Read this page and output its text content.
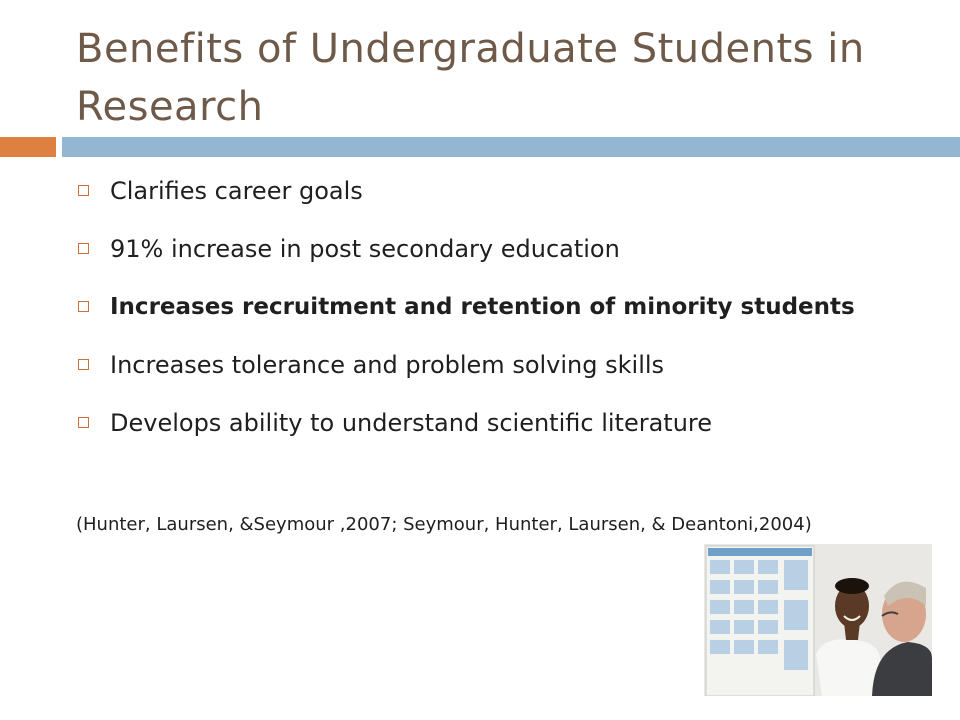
Benefits of Undergraduate Students in Research
Clarifies career goals
91% increase in post secondary education
Increases recruitment and retention of minority students
Increases tolerance and problem solving skills
Develops ability to understand scientific literature
(Hunter, Laursen, &Seymour ,2007; Seymour, Hunter, Laursen, & Deantoni,2004)
